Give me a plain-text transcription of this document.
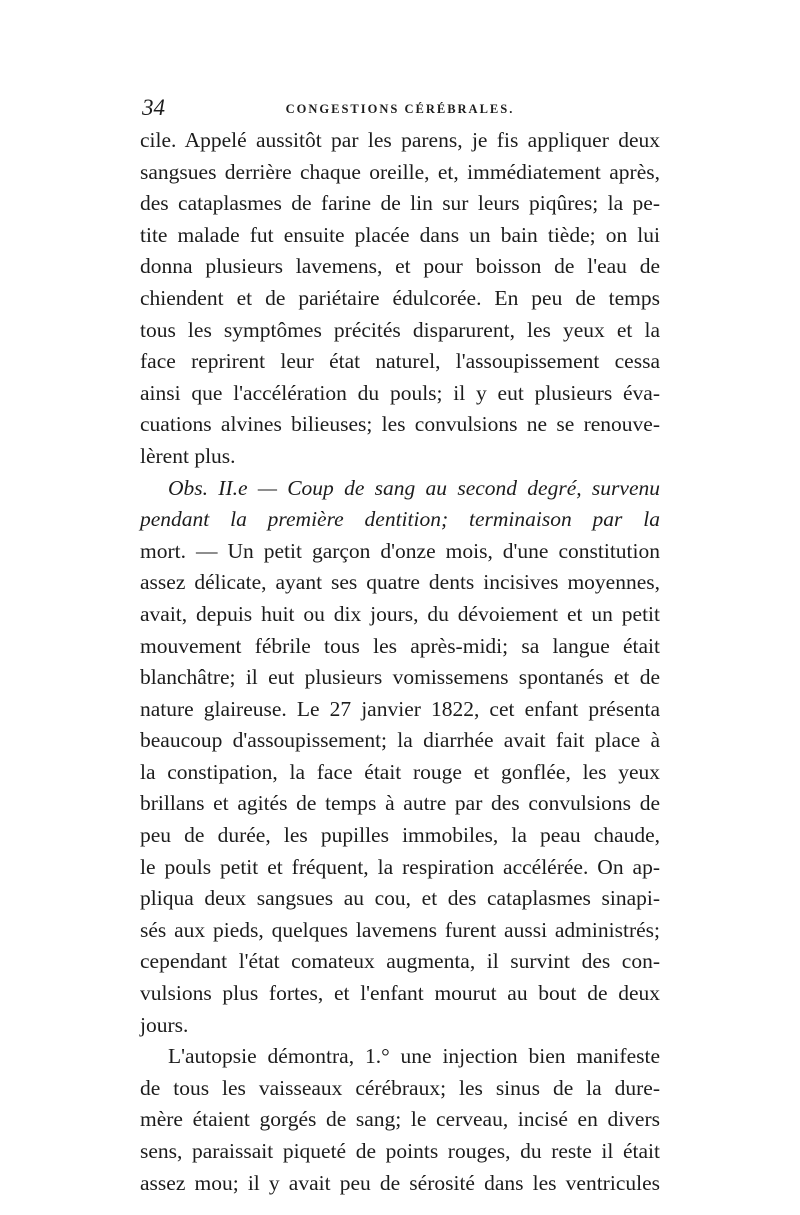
34	CONGESTIONS CÉRÉBRALES.
cile. Appelé aussitôt par les parens, je fis appliquer deux
sangsues derrière chaque oreille, et, immédiatement après,
des cataplasmes de farine de lin sur leurs piqûres; la pe-
tite malade fut ensuite placée dans un bain tiède; on lui
donna plusieurs lavemens, et pour boisson de l'eau de
chiendent et de pariétaire édulcorée. En peu de temps
tous les symptômes précités disparurent, les yeux et la
face reprirent leur état naturel, l'assoupissement cessa
ainsi que l'accélération du pouls; il y eut plusieurs éva-
cuations alvines bilieuses; les convulsions ne se renouve-
lèrent plus.
Obs. II.e — Coup de sang au second degré, survenu
pendant la première dentition; terminaison par la
mort. — Un petit garçon d'onze mois, d'une constitution
assez délicate, ayant ses quatre dents incisives moyennes,
avait, depuis huit ou dix jours, du dévoiement et un petit
mouvement fébrile tous les après-midi; sa langue était
blanchâtre; il eut plusieurs vomissemens spontanés et de
nature glaireuse. Le 27 janvier 1822, cet enfant présenta
beaucoup d'assoupissement; la diarrhée avait fait place à
la constipation, la face était rouge et gonflée, les yeux
brillans et agités de temps à autre par des convulsions de
peu de durée, les pupilles immobiles, la peau chaude,
le pouls petit et fréquent, la respiration accélérée. On ap-
pliqua deux sangsues au cou, et des cataplasmes sinapi-
sés aux pieds, quelques lavemens furent aussi administrés;
cependant l'état comateux augmenta, il survint des con-
vulsions plus fortes, et l'enfant mourut au bout de deux
jours.
L'autopsie démontra, 1.° une injection bien manifeste
de tous les vaisseaux cérébraux; les sinus de la dure-
mère étaient gorgés de sang; le cerveau, incisé en divers
sens, paraissait piqueté de points rouges, du reste il était
assez mou; il y avait peu de sérosité dans les ventricules
